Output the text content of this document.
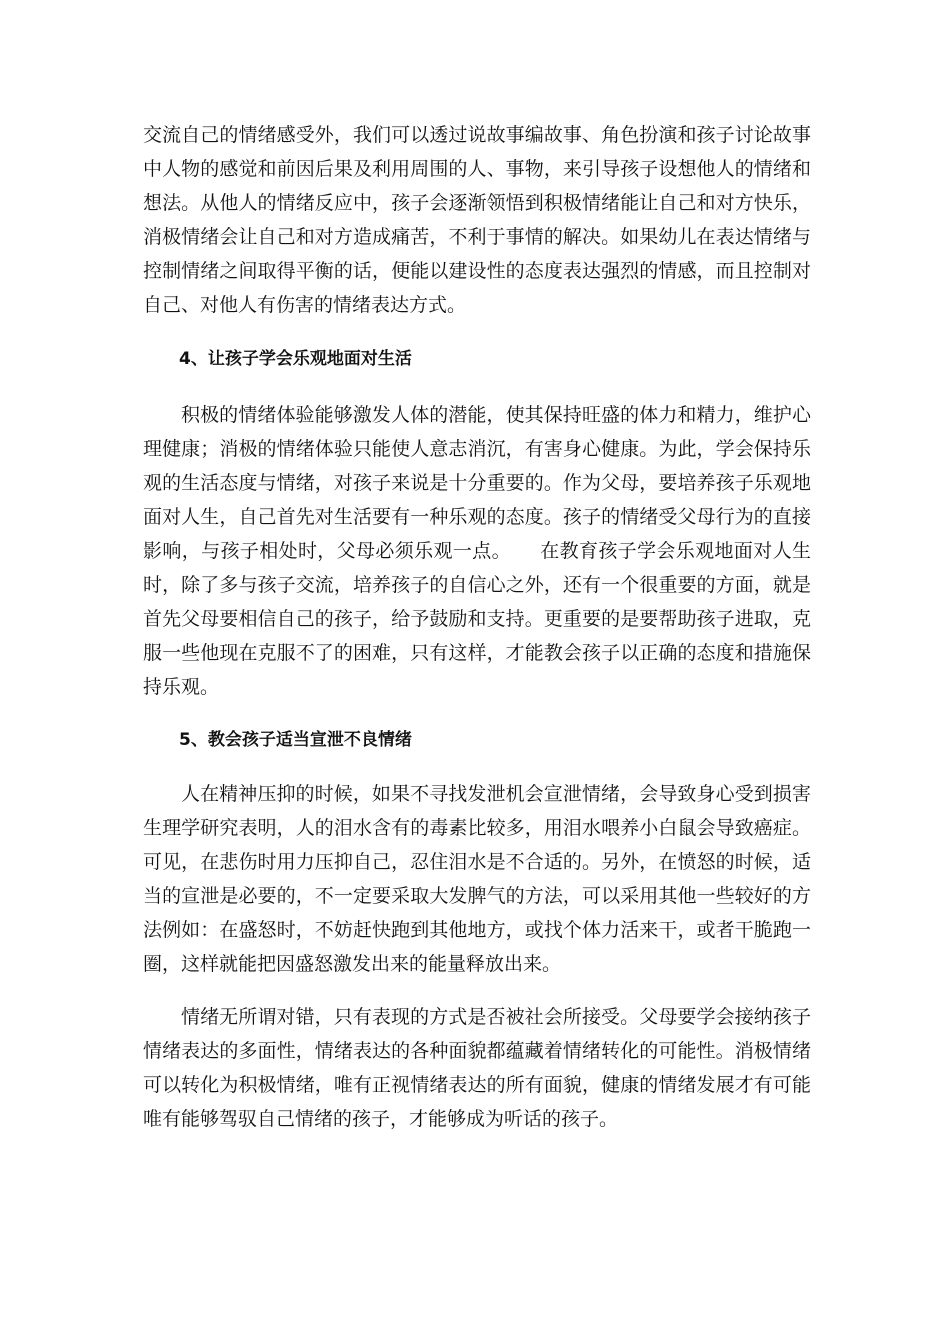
交流自己的情绪感受外，我们可以透过说故事编故事、角色扮演和孩子讨论故事中人物的感觉和前因后果及利用周围的人、事物，来引导孩子设想他人的情绪和想法。从他人的情绪反应中，孩子会逐渐领悟到积极情绪能让自己和对方快乐，消极情绪会让自己和对方造成痛苦，不利于事情的解决。如果幼儿在表达情绪与控制情绪之间取得平衡的话，便能以建设性的态度表达强烈的情感，而且控制对自己、对他人有伤害的情绪表达方式。

4、让孩子学会乐观地面对生活

积极的情绪体验能够激发人体的潜能，使其保持旺盛的体力和精力，维护心理健康；消极的情绪体验只能使人意志消沉，有害身心健康。为此，学会保持乐观的生活态度与情绪，对孩子来说是十分重要的。作为父母，要培养孩子乐观地面对人生，自己首先对生活要有一种乐观的态度。孩子的情绪受父母行为的直接影响，与孩子相处时，父母必须乐观一点。　　在教育孩子学会乐观地面对人生时，除了多与孩子交流，培养孩子的自信心之外，还有一个很重要的方面，就是首先父母要相信自己的孩子，给予鼓励和支持。更重要的是要帮助孩子进取，克服一些他现在克服不了的困难，只有这样，才能教会孩子以正确的态度和措施保持乐观。

5、教会孩子适当宣泄不良情绪

人在精神压抑的时候，如果不寻找发泄机会宣泄情绪，会导致身心受到损害生理学研究表明，人的泪水含有的毒素比较多，用泪水喂养小白鼠会导致癌症。可见，在悲伤时用力压抑自己，忍住泪水是不合适的。另外，在愤怒的时候，适当的宣泄是必要的，不一定要采取大发脾气的方法，可以采用其他一些较好的方法例如：在盛怒时，不妨赶快跑到其他地方，或找个体力活来干，或者干脆跑一圈，这样就能把因盛怒激发出来的能量释放出来。

情绪无所谓对错，只有表现的方式是否被社会所接受。父母要学会接纳孩子情绪表达的多面性，情绪表达的各种面貌都蕴藏着情绪转化的可能性。消极情绪可以转化为积极情绪，唯有正视情绪表达的所有面貌，健康的情绪发展才有可能唯有能够驾驭自己情绪的孩子，才能够成为听话的孩子。
